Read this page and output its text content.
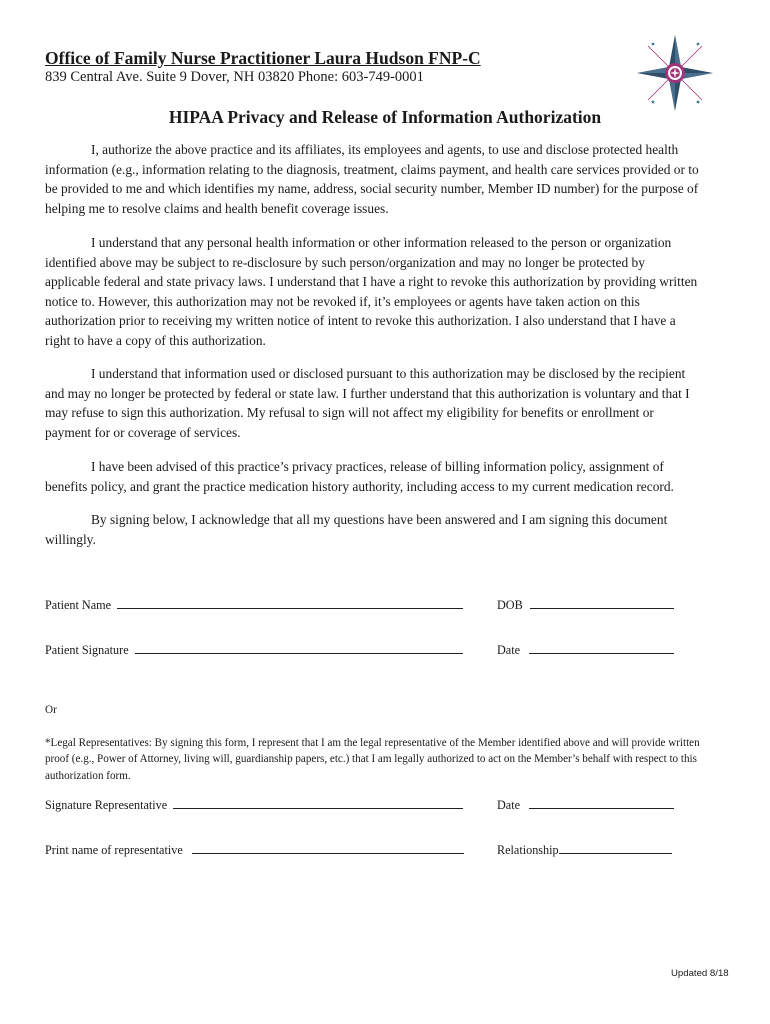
Office of Family Nurse Practitioner Laura Hudson FNP-C
839 Central Ave. Suite 9 Dover, NH 03820 Phone: 603-749-0001
HIPAA Privacy and Release of Information Authorization
I, authorize the above practice and its affiliates, its employees and agents, to use and disclose protected health
information (e.g., information relating to the diagnosis, treatment, claims payment, and health care services provided or to
be provided to me and which identifies my name, address, social security number, Member ID number) for the purpose of
helping me to resolve claims and health benefit coverage issues.
I understand that any personal health information or other information released to the person or organization
identified above may be subject to re-disclosure by such person/organization and may no longer be protected by
applicable federal and state privacy laws. I understand that I have a right to revoke this authorization by providing written
notice to. However, this authorization may not be revoked if, it’s employees or agents have taken action on this
authorization prior to receiving my written notice of intent to revoke this authorization. I also understand that I have a
right to have a copy of this authorization.
I understand that information used or disclosed pursuant to this authorization may be disclosed by the recipient
and may no longer be protected by federal or state law. I further understand that this authorization is voluntary and that I
may refuse to sign this authorization. My refusal to sign will not affect my eligibility for benefits or enrollment or
payment for or coverage of services.
I have been advised of this practice’s privacy practices, release of billing information policy, assignment of
benefits policy, and grant the practice medication history authority, including access to my current medication record.
By signing below, I acknowledge that all my questions have been answered and I am signing this document
willingly.
Patient Name	DOB
Patient Signature	Date
Or
*Legal Representatives: By signing this form, I represent that I am the legal representative of the Member identified above and will provide written
proof (e.g., Power of Attorney, living will, guardianship papers, etc.) that I am legally authorized to act on the Member’s behalf with respect to this
authorization form.
Signature Representative	Date
Print name of representative	Relationship
Updated 8/18
